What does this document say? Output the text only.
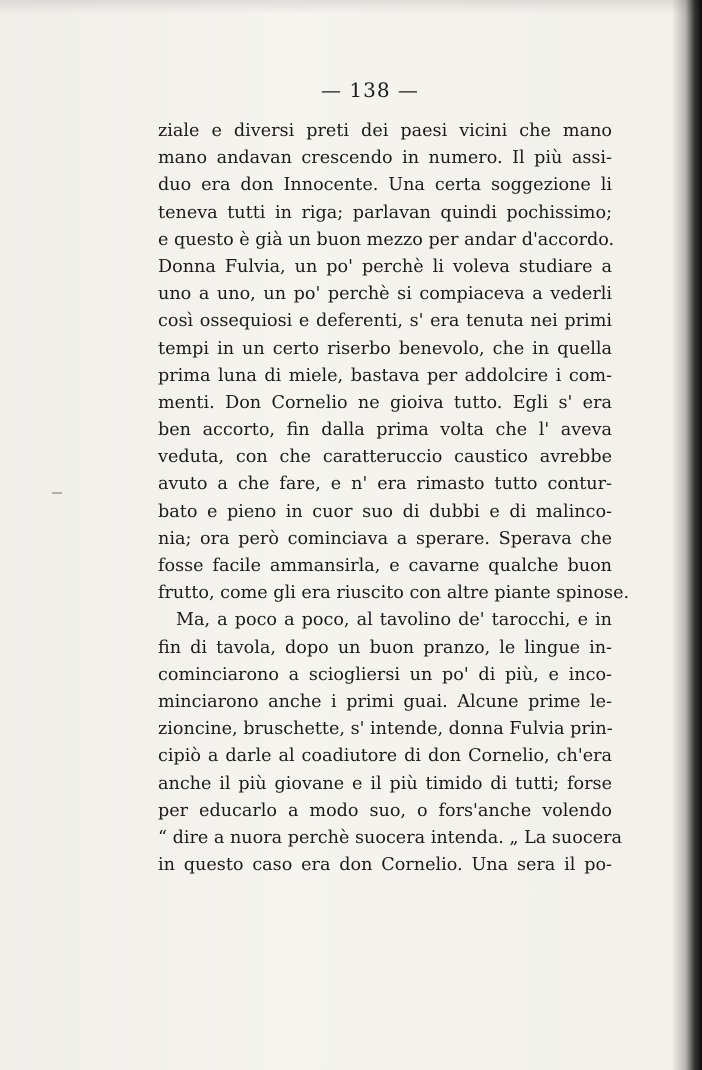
— 138 —
ziale e diversi preti dei paesi vicini che mano
mano andavan crescendo in numero. Il più assi-
duo era don Innocente. Una certa soggezione li
teneva tutti in riga; parlavan quindi pochissimo;
e questo è già un buon mezzo per andar d'accordo.
Donna Fulvia, un po' perchè li voleva studiare a
uno a uno, un po' perchè si compiaceva a vederli
così ossequiosi e deferenti, s' era tenuta nei primi
tempi in un certo riserbo benevolo, che in quella
prima luna di miele, bastava per addolcire i com-
menti. Don Cornelio ne gioiva tutto. Egli s' era
ben accorto, fin dalla prima volta che l' aveva
veduta, con che caratteruccio caustico avrebbe
avuto a che fare, e n' era rimasto tutto contur-
bato e pieno in cuor suo di dubbi e di malinco-
nia; ora però cominciava a sperare. Sperava che
fosse facile ammansirla, e cavarne qualche buon
frutto, come gli era riuscito con altre piante spinose.
Ma, a poco a poco, al tavolino de' tarocchi, e in
fin di tavola, dopo un buon pranzo, le lingue in-
cominciarono a sciogliersi un po' di più, e inco-
minciarono anche i primi guai. Alcune prime le-
zioncine, bruschette, s' intende, donna Fulvia prin-
cipiò a darle al coadiutore di don Cornelio, ch'era
anche il più giovane e il più timido di tutti; forse
per educarlo a modo suo, o fors'anche volendo
“ dire a nuora perchè suocera intenda. „ La suocera
in questo caso era don Cornelio. Una sera il po-
